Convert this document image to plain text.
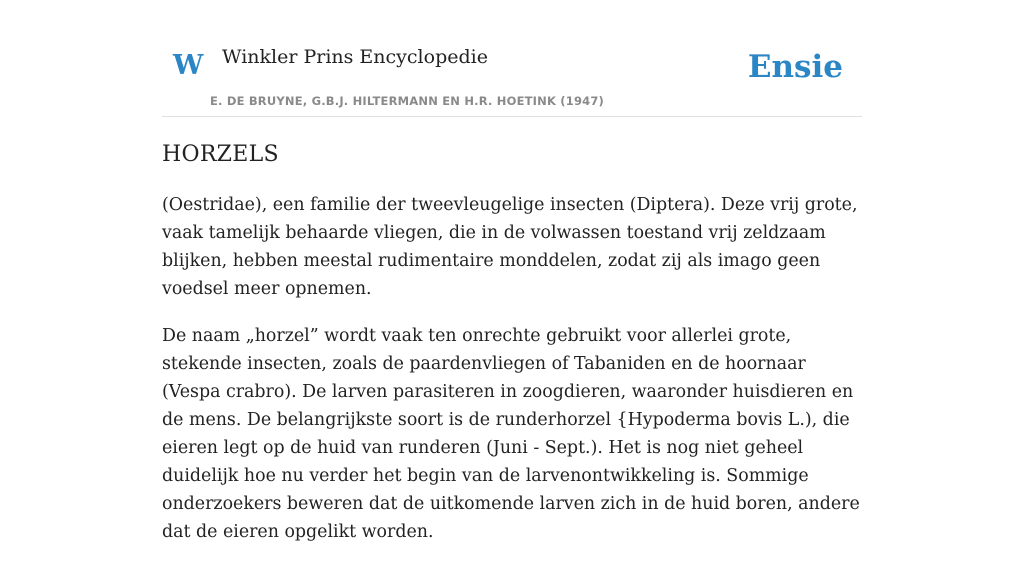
W Winkler Prins Encyclopedie
E. DE BRUYNE, G.B.J. HILTERMANN EN H.R. HOETINK (1947)
Ensie
HORZELS

(Oestridae), een familie der tweevleugelige insecten (Diptera). Deze vrij grote, vaak tamelijk behaarde vliegen, die in de volwassen toestand vrij zeldzaam blijken, hebben meestal rudimentaire monddelen, zodat zij als imago geen voedsel meer opnemen.

De naam „horzel” wordt vaak ten onrechte gebruikt voor allerlei grote, stekende insecten, zoals de paardenvliegen of Tabaniden en de hoornaar (Vespa crabro). De larven parasiteren in zoogdieren, waaronder huisdieren en de mens. De belangrijkste soort is de runderhorzel {Hypoderma bovis L.), die eieren legt op de huid van runderen (Juni - Sept.). Het is nog niet geheel duidelijk hoe nu verder het begin van de larvenontwikkeling is. Sommige onderzoekers beweren dat de uitkomende larven zich in de huid boren, andere dat de eieren opgelikt worden.
